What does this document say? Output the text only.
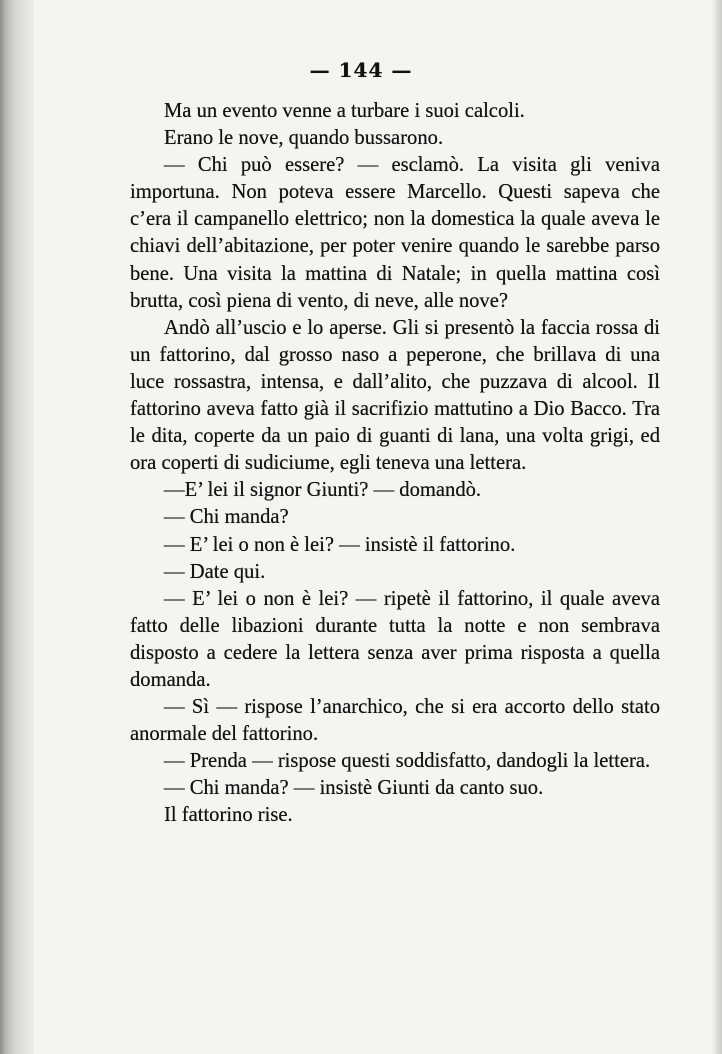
— 144 —

Ma un evento venne a turbare i suoi calcoli.

Erano le nove, quando bussarono.

— Chi può essere? — esclamò. La visita gli veniva importuna. Non poteva essere Marcello. Questi sapeva che c’era il campanello elettrico; non la domestica la quale aveva le chiavi dell’abitazione, per poter venire quando le sarebbe parso bene. Una visita la mattina di Natale; in quella mattina così brutta, così piena di vento, di neve, alle nove?

Andò all’uscio e lo aperse. Gli si presentò la faccia rossa di un fattorino, dal grosso naso a peperone, che brillava di una luce rossastra, intensa, e dall’alito, che puzzava di alcool. Il fattorino aveva fatto già il sacrifizio mattutino a Dio Bacco. Tra le dita, coperte da un paio di guanti di lana, una volta grigi, ed ora coperti di sudiciume, egli teneva una lettera.

—E’ lei il signor Giunti? — domandò.

— Chi manda?

— E’ lei o non è lei? — insistè il fattorino.

— Date qui.

— E’ lei o non è lei? — ripetè il fattorino, il quale aveva fatto delle libazioni durante tutta la notte e non sembrava disposto a cedere la lettera senza aver prima risposta a quella domanda.

— Sì — rispose l’anarchico, che si era accorto dello stato anormale del fattorino.

— Prenda — rispose questi soddisfatto, dandogli la lettera.

— Chi manda? — insistè Giunti da canto suo.

Il fattorino rise.
